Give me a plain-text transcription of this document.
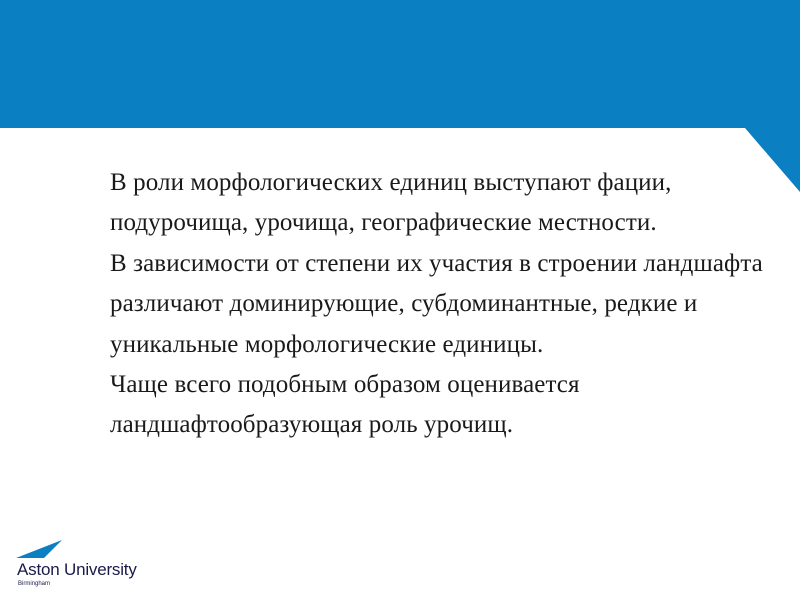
В роли морфологических единиц выступают фации, подурочища, урочища, географические местности.

В зависимости от степени их участия в строении ландшафта различают доминирующие, субдоминантные, редкие и уникальные морфологические единицы.

Чаще всего подобным образом оценивается ландшафтообразующая роль урочищ.

Aston University
Birmingham
